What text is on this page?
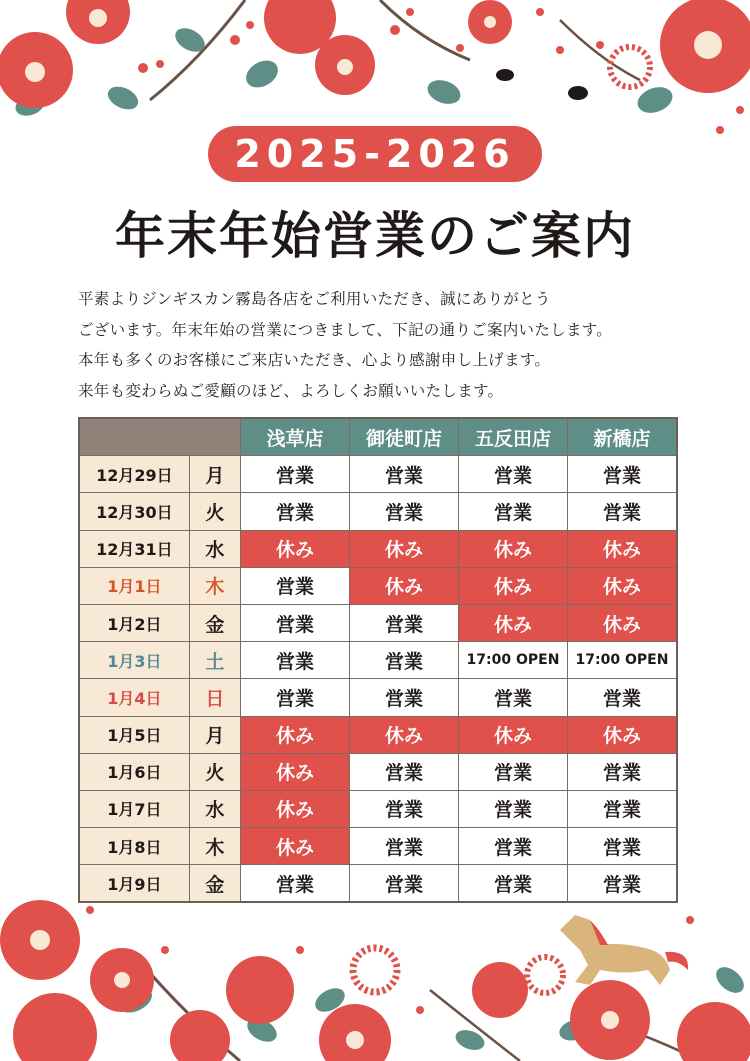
2025-2026
年末年始営業のご案内

平素よりジンギスカン霧島各店をご利用いただき、誠にありがとう

ございます。年末年始の営業につきまして、下記の通りご案内いたします。

本年も多くのお客様にご来店いただき、心より感謝申し上げます。

来年も変わらぬご愛顧のほど、よろしくお願いいたします。

		浅草店	御徒町店	五反田店	新橋店
12月29日	月	営業	営業	営業	営業
12月30日	火	営業	営業	営業	営業
12月31日	水	休み	休み	休み	休み
1月1日	木	営業	休み	休み	休み
1月2日	金	営業	営業	休み	休み
1月3日	土	営業	営業	17:00 OPEN	17:00 OPEN
1月4日	日	営業	営業	営業	営業
1月5日	月	休み	休み	休み	休み
1月6日	火	休み	営業	営業	営業
1月7日	水	休み	営業	営業	営業
1月8日	木	休み	営業	営業	営業
1月9日	金	営業	営業	営業	営業
